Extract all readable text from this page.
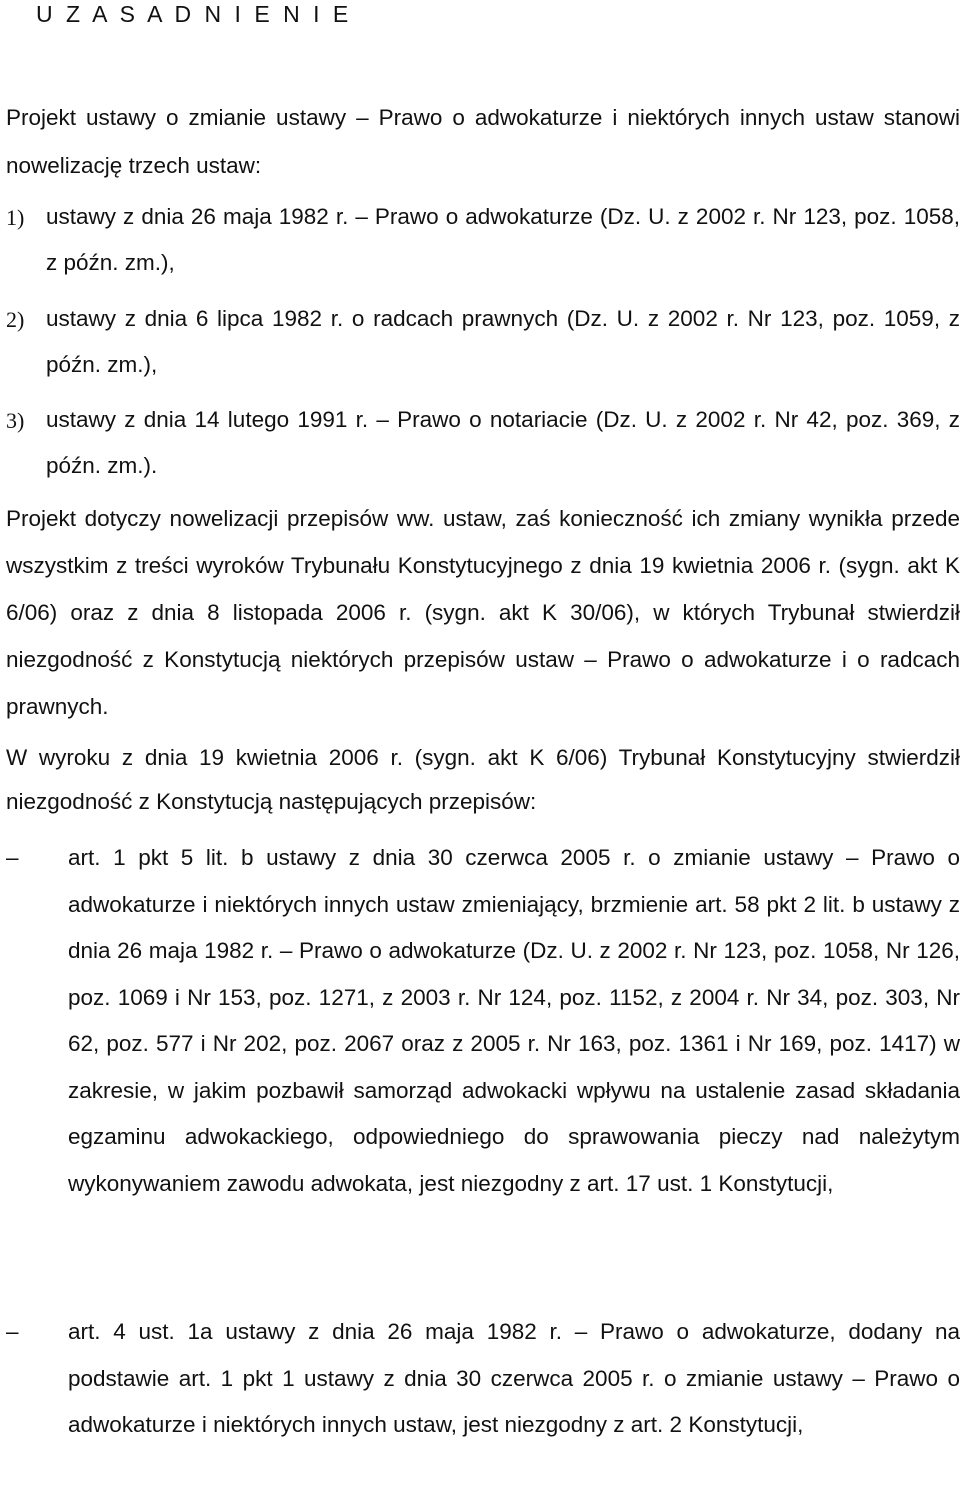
U Z A S A D N I E N I E

Projekt ustawy o zmianie ustawy – Prawo o adwokaturze i niektórych innych ustaw stanowi nowelizację trzech ustaw:

1) ustawy z dnia 26 maja 1982 r. – Prawo o adwokaturze (Dz. U. z 2002 r. Nr 123, poz. 1058, z późn. zm.),

2) ustawy z dnia 6 lipca 1982 r. o radcach prawnych (Dz. U. z 2002 r. Nr 123, poz. 1059, z późn. zm.),

3) ustawy z dnia 14 lutego 1991 r. – Prawo o notariacie (Dz. U. z 2002 r. Nr 42, poz. 369, z późn. zm.).

Projekt dotyczy nowelizacji przepisów ww. ustaw, zaś konieczność ich zmiany wynikła przede wszystkim z treści wyroków Trybunału Konstytucyjnego z dnia 19 kwietnia 2006 r. (sygn. akt K 6/06) oraz z dnia 8 listopada 2006 r. (sygn. akt K 30/06), w których Trybunał stwierdził niezgodność z Konstytucją niektórych przepisów ustaw – Prawo o adwokaturze i o radcach prawnych.

W wyroku z dnia 19 kwietnia 2006 r. (sygn. akt K 6/06) Trybunał Konstytucyjny stwierdził niezgodność z Konstytucją następujących przepisów:

– art. 1 pkt 5 lit. b ustawy z dnia 30 czerwca 2005 r. o zmianie ustawy – Prawo o adwokaturze i niektórych innych ustaw zmieniający, brzmienie art. 58 pkt 2 lit. b ustawy z dnia 26 maja 1982 r. – Prawo o adwokaturze (Dz. U. z 2002 r. Nr 123, poz. 1058, Nr 126, poz. 1069 i Nr 153, poz. 1271, z 2003 r. Nr 124, poz. 1152, z 2004 r. Nr 34, poz. 303, Nr 62, poz. 577 i Nr 202, poz. 2067 oraz z 2005 r. Nr 163, poz. 1361 i Nr 169, poz. 1417) w zakresie, w jakim pozbawił samorząd adwokacki wpływu na ustalenie zasad składania egzaminu adwokackiego, odpowiedniego do sprawowania pieczy nad należytym wykonywaniem zawodu adwokata, jest niezgodny z art. 17 ust. 1 Konstytucji,

– art. 4 ust. 1a ustawy z dnia 26 maja 1982 r. – Prawo o adwokaturze, dodany na podstawie art. 1 pkt 1 ustawy z dnia 30 czerwca 2005 r. o zmianie ustawy – Prawo o adwokaturze i niektórych innych ustaw, jest niezgodny z art. 2 Konstytucji,
